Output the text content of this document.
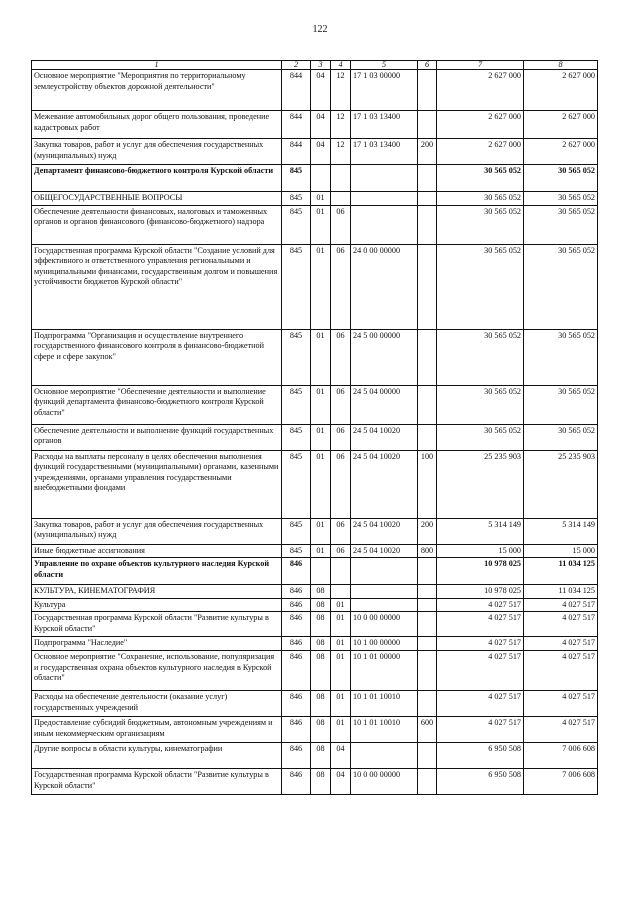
122
1	2	3	4	5	6	7	8
Основное мероприятие "Мероприятия по территориальному землеустройству объектов дорожной деятельности"	844	04	12	17 1 03 00000		2 627 000	2 627 000
Межевание автомобильных дорог общего пользования, проведение кадастровых работ	844	04	12	17 1 03 13400		2 627 000	2 627 000
Закупка товаров, работ и услуг для обеспечения государственных (муниципальных) нужд	844	04	12	17 1 03 13400	200	2 627 000	2 627 000
Департамент финансово-бюджетного контроля Курской области	845					30 565 052	30 565 052
ОБЩЕГОСУДАРСТВЕННЫЕ ВОПРОСЫ	845	01				30 565 052	30 565 052
Обеспечение деятельности финансовых, налоговых и таможенных органов и органов финансового (финансово-бюджетного) надзора	845	01	06			30 565 052	30 565 052
Государственная программа Курской области "Создание условий для эффективного и ответственного управления региональными и муниципальными финансами, государственным долгом и повышения устойчивости бюджетов Курской области"	845	01	06	24 0 00 00000		30 565 052	30 565 052
Подпрограмма "Организация и осуществление внутреннего государственного финансового контроля в финансово-бюджетной сфере и сфере закупок"	845	01	06	24 5 00 00000		30 565 052	30 565 052
Основное мероприятие "Обеспечение деятельности и выполнение функций департамента финансово-бюджетного контроля Курской области"	845	01	06	24 5 04 00000		30 565 052	30 565 052
Обеспечение деятельности и выполнение функций государственных органов	845	01	06	24 5 04 10020		30 565 052	30 565 052
Расходы на выплаты персоналу в целях обеспечения выполнения функций государственными (муниципальными) органами, казенными учреждениями, органами управления государственными внебюджетными фондами	845	01	06	24 5 04 10020	100	25 235 903	25 235 903
Закупка товаров, работ и услуг для обеспечения государственных (муниципальных) нужд	845	01	06	24 5 04 10020	200	5 314 149	5 314 149
Иные бюджетные ассигнования	845	01	06	24 5 04 10020	800	15 000	15 000
Управление по охране объектов культурного наследия Курской области	846					10 978 025	11 034 125
КУЛЬТУРА, КИНЕМАТОГРАФИЯ	846	08				10 978 025	11 034 125
Культура	846	08	01			4 027 517	4 027 517
Государственная программа Курской области "Развитие культуры в Курской области"	846	08	01	10 0 00 00000		4 027 517	4 027 517
Подпрограмма "Наследие"	846	08	01	10 1 00 00000		4 027 517	4 027 517
Основное мероприятие "Сохранение, использование, популяризация и государственная охрана объектов культурного наследия в Курской области"	846	08	01	10 1 01 00000		4 027 517	4 027 517
Расходы на обеспечение деятельности (оказание услуг) государственных учреждений	846	08	01	10 1 01 10010		4 027 517	4 027 517
Предоставление субсидий бюджетным, автономным учреждениям и иным некоммерческим организациям	846	08	01	10 1 01 10010	600	4 027 517	4 027 517
Другие вопросы в области культуры, кинематографии	846	08	04			6 950 508	7 006 608
Государственная программа Курской области "Развитие культуры в Курской области"	846	08	04	10 0 00 00000		6 950 508	7 006 608
